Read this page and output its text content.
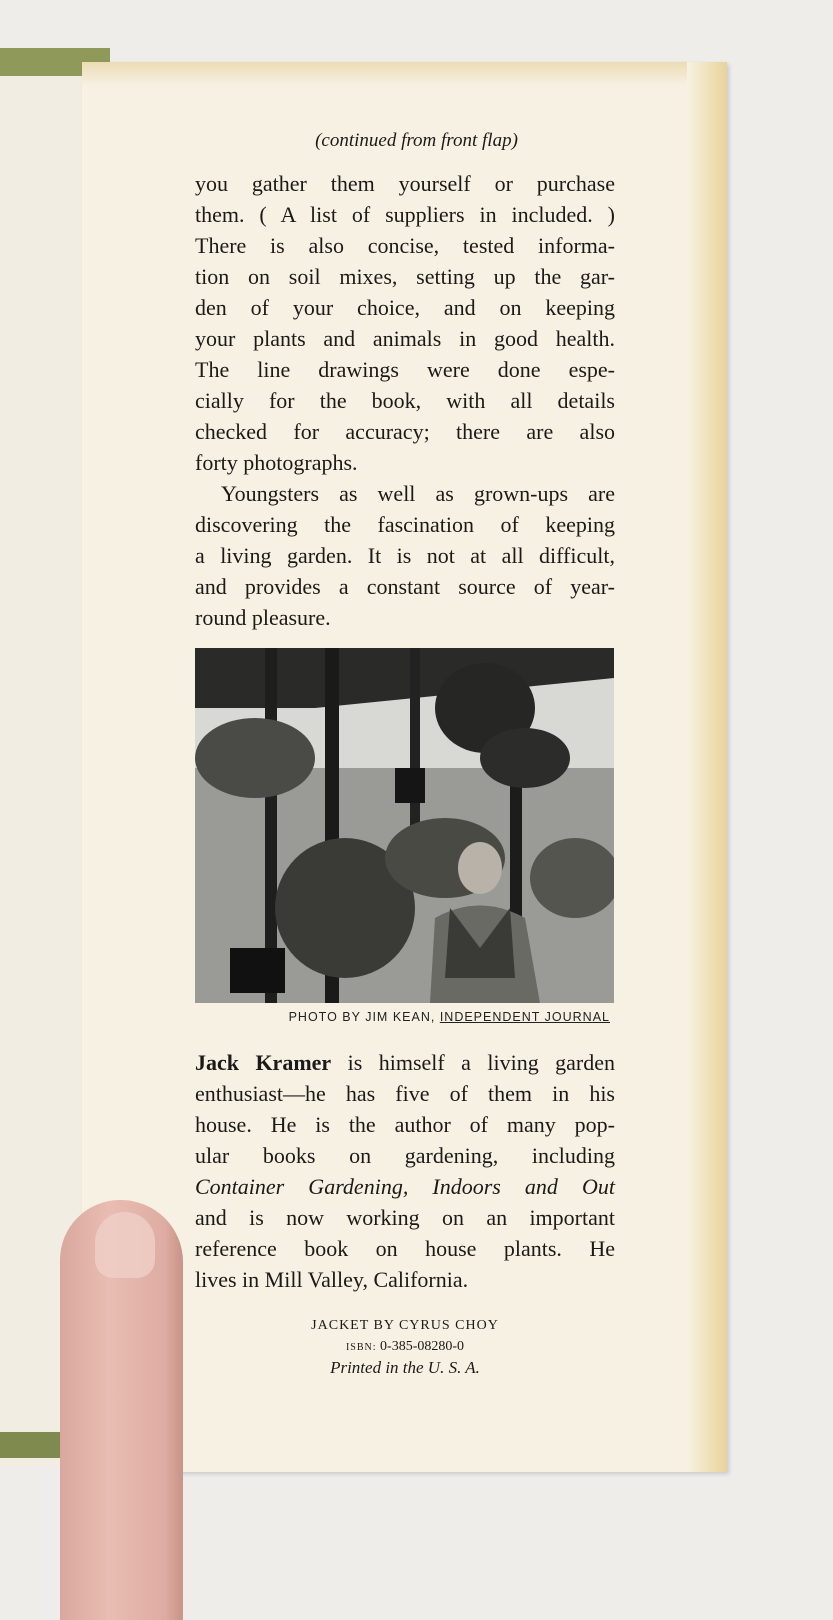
(continued from front flap)
you gather them yourself or purchase
them. ( A list of suppliers in included. )
There is also concise, tested informa-
tion on soil mixes, setting up the gar-
den of your choice, and on keeping
your plants and animals in good health.
The line drawings were done espe-
cially for the book, with all details
checked for accuracy; there are also
forty photographs.
Youngsters as well as grown-ups are
discovering the fascination of keeping
a living garden. It is not at all difficult,
and provides a constant source of year-
round pleasure.
PHOTO BY JIM KEAN, INDEPENDENT JOURNAL
Jack Kramer is himself a living garden
enthusiast—he has five of them in his
house. He is the author of many pop-
ular books on gardening, including
Container Gardening, Indoors and Out
and is now working on an important
reference book on house plants. He
lives in Mill Valley, California.
JACKET BY CYRUS CHOY
ISBN: 0-385-08280-0
Printed in the U. S. A.
